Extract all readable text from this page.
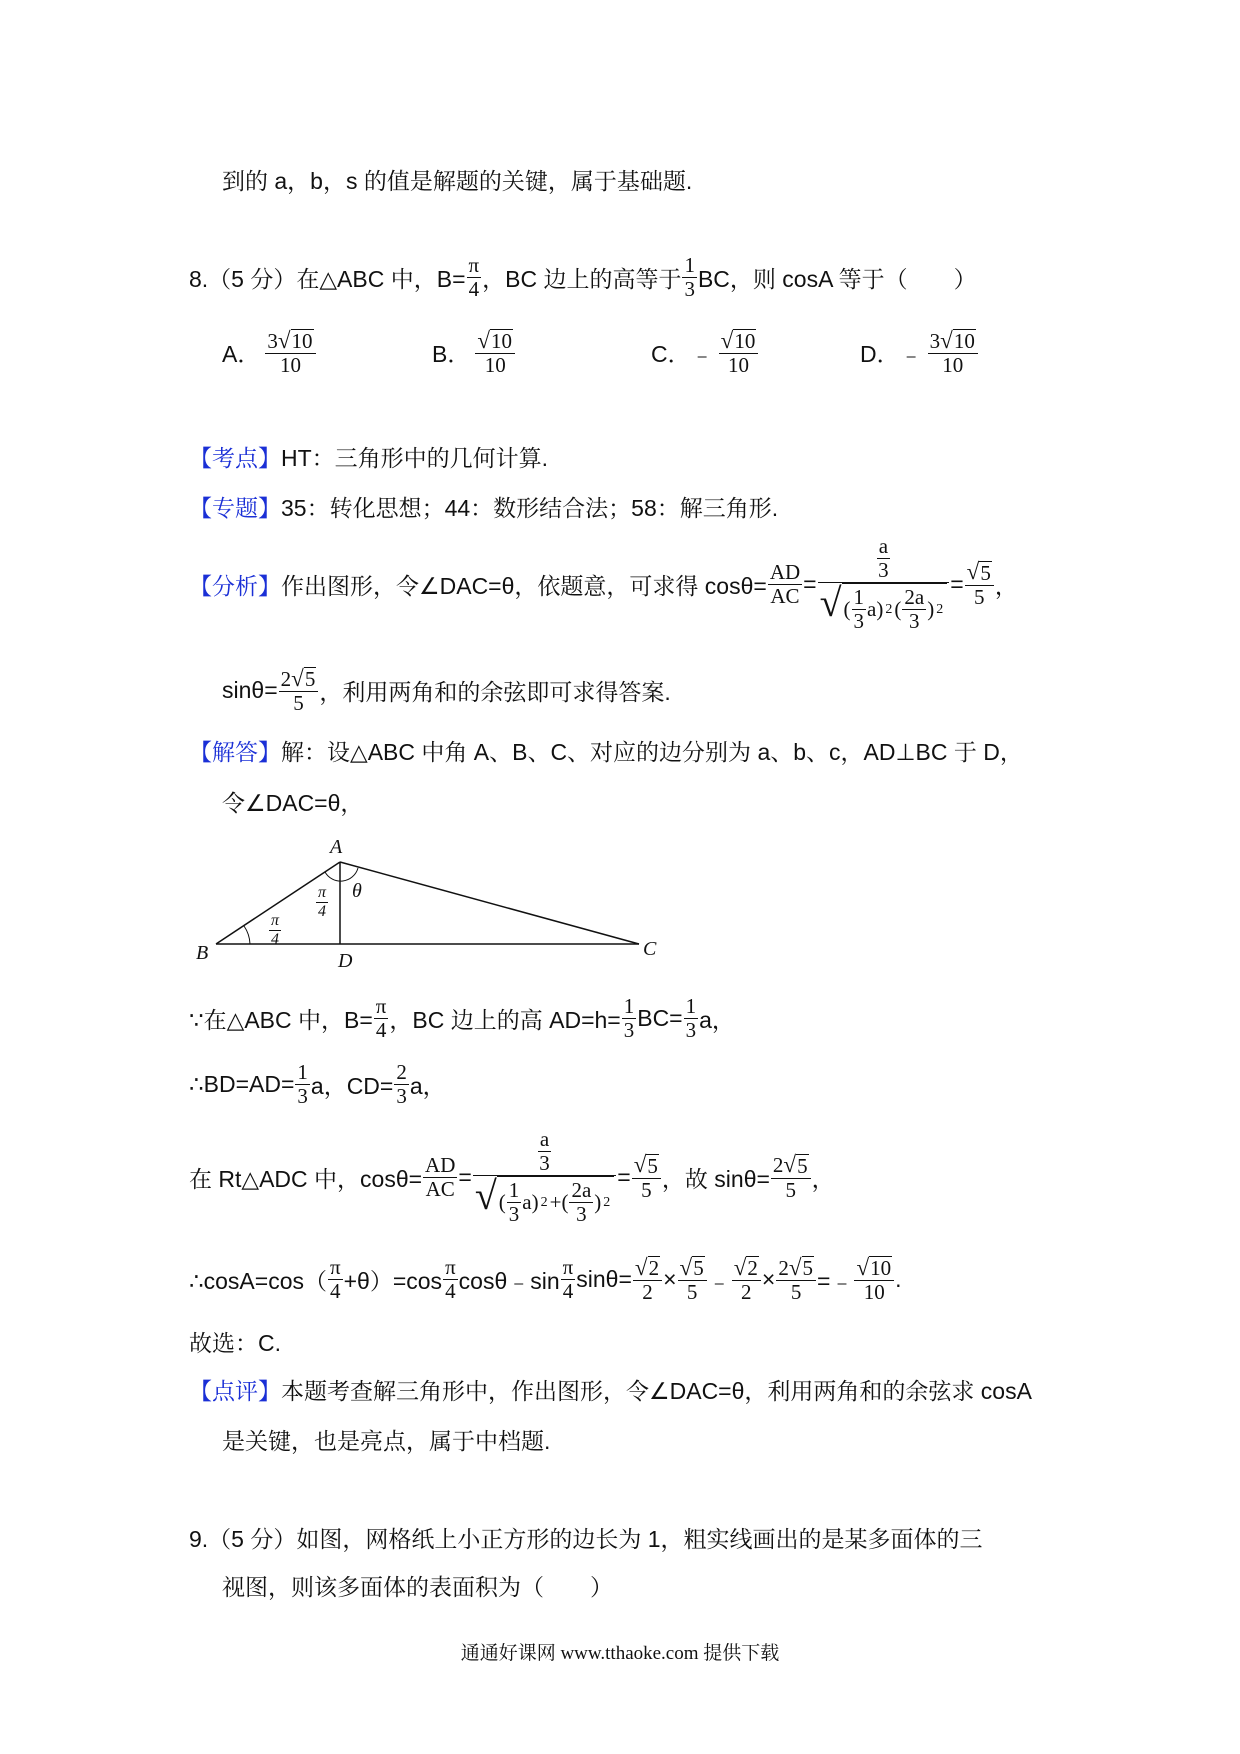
到的 a，b，s 的值是解题的关键，属于基础题.
8.（5 分）在△ABC 中，$B= \frac{\pi}{4}$ ，BC 边上的高等于 $\frac{1}{3}$ BC，则 cosA 等于（　　）
A． $\frac{3 √ 10}{10}$	B． $\frac{√ 10}{10}$	C． ﹣ $\frac{√ 10}{10}$	D． ﹣ $\frac{3 √ 10}{10}$
【考点】 HT：三角形中的几何计算.
【专题】 35：转化思想；44：数形结合法；58：解三角形.
【分析】 作出图形，令∠DAC=θ，依题意，可求得 $\cos\theta= \frac{AD}{AC} = \frac{\frac{a}{3}}{√ ( \frac{1}{3} a ) 2 ( \frac{2a}{3} ) 2} = \frac{√ 5}{5}$ ，
$\sin\theta= \frac{2 √ 5}{5}$ ，利用两角和的余弦即可求得答案.
【解答】 解：设△ABC 中角 A、B、C、对应的边分别为 a、b、c，AD⊥BC 于 D，
令∠DAC=θ，
A
B	D
C
θ
$\frac{\pi}{4}$
$\frac{\pi}{4}$
∵在△ABC 中，$B= \frac{\pi}{4}$ ，BC 边上的高 $AD=h= \frac{1}{3} BC= \frac{1}{3}$ a，
∴BD=AD= $\frac{1}{3}$ a，$CD= \frac{2}{3}$ a，
在 Rt△ADC 中，$\cos\theta= \frac{AD}{AC} = \frac{\frac{a}{3}}{√ ( \frac{1}{3} a ) 2 + ( \frac{2a}{3} ) 2} = \frac{√ 5}{5}$ ，故 $\sin\theta= \frac{2 √ 5}{5}$ ，
∴cosA=cos（ $\frac{\pi}{4} +\theta)=\cos \frac{\pi}{4}$ cosθ﹣sin $\frac{\pi}{4} \sin\theta= \frac{√ 2}{2} \times \frac{√ 5}{5}$ ﹣ $\frac{√ 2}{2} \times \frac{2 √ 5}{5}$ =﹣ $\frac{√ 10}{10}$ .
故选：C.
【点评】 本题考查解三角形中，作出图形，令∠DAC=θ，利用两角和的余弦求 cosA
是关键，也是亮点，属于中档题.
9.（5 分）如图，网格纸上小正方形的边长为 1，粗实线画出的是某多面体的三
视图，则该多面体的表面积为（　　）
通通好课网 www.tthaoke.com 提供下载
